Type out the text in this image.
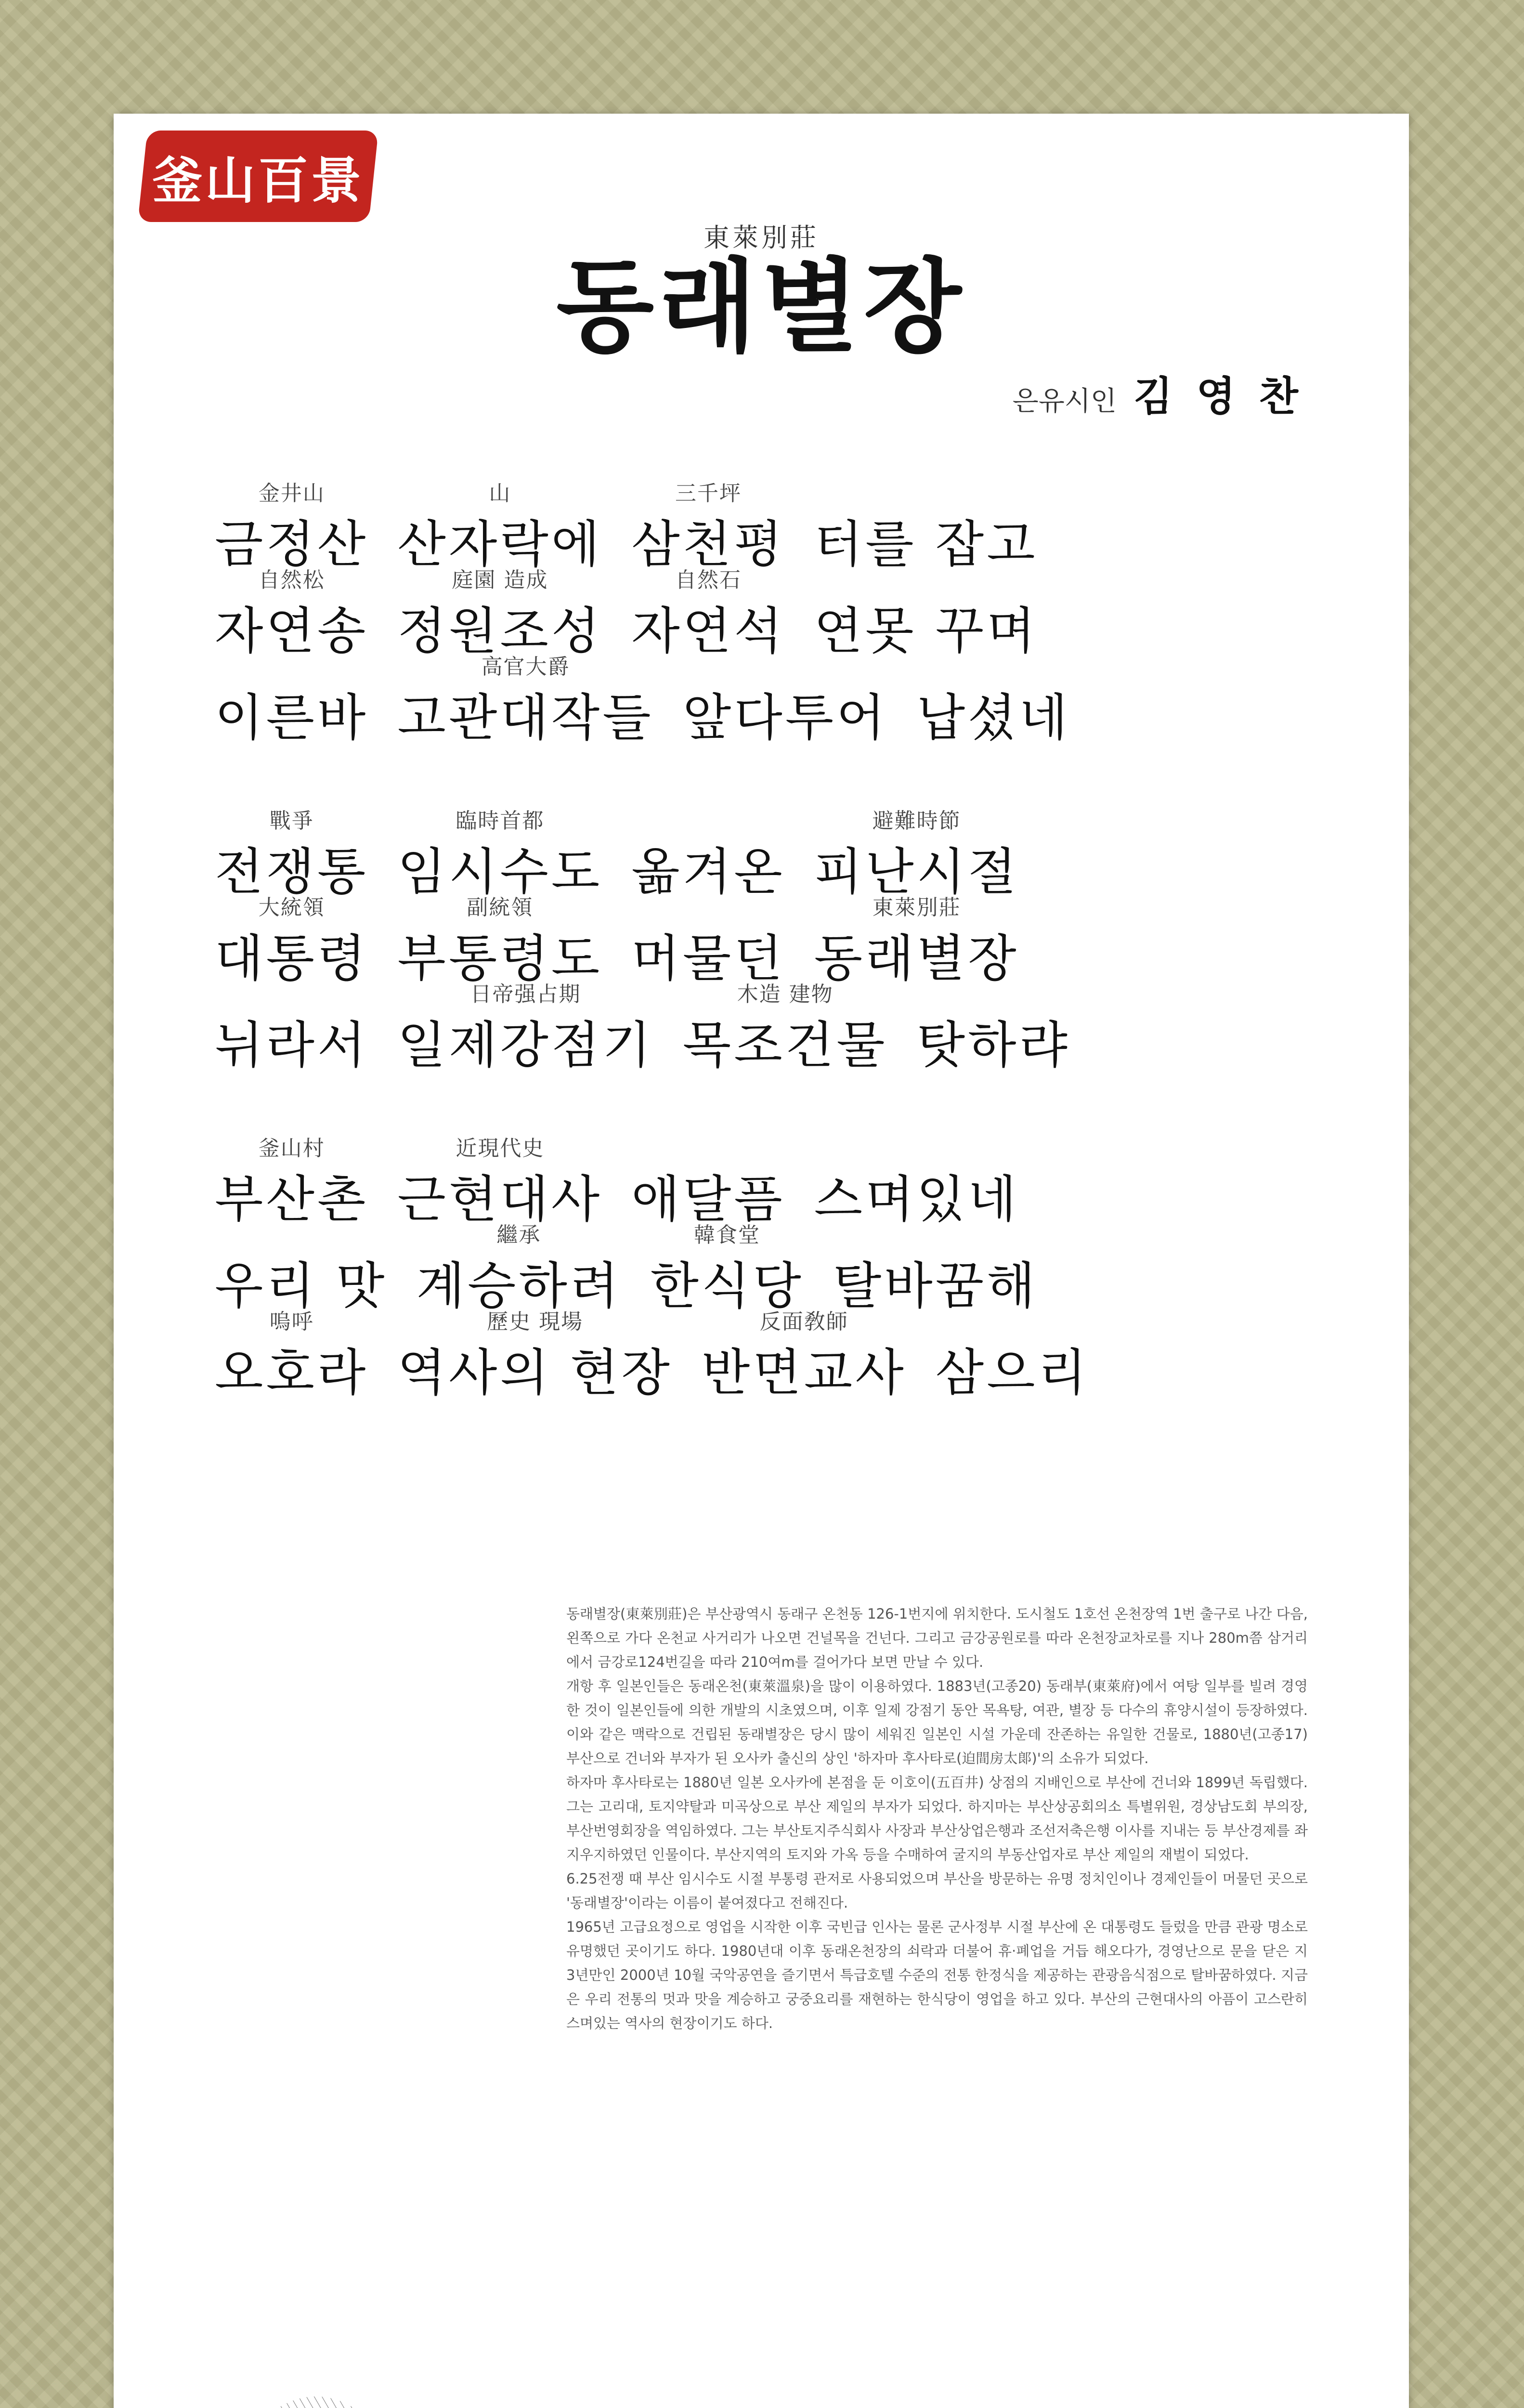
釜山百景
東萊別莊
동래별장
은유시인 김 영 찬
金井山
금정산
山
산자락에
三千坪
삼천평 터를 잡고
自然松
자연송
庭園 造成
정원조성
自然石
자연석 연못 꾸며
이른바
高官大爵
고관대작들 앞다투어 납셨네
戰爭
전쟁통
臨時首都
임시수도 옮겨온
避難時節
피난시절
大統領
대통령
副統領
부통령도 머물던
東萊別莊
동래별장
뉘라서
日帝强占期
일제강점기
木造 建物
목조건물 탓하랴
釜山村
부산촌
近現代史
근현대사 애달픔 스며있네
우리 맛
繼承
계승하려
韓食堂
한식당 탈바꿈해
嗚呼
오호라
歷史 現場
역사의 현장
反面敎師
반면교사 삼으리

동래별장(東萊別莊)은 부산광역시 동래구 온천동 126-1번지에 위치한다. 도시철도 1호선 온천장역 1번 출구로 나간 다음, 왼쪽으로 가다 온천교 사거리가 나오면 건널목을 건넌다. 그리고 금강공원로를 따라 온천장교차로를 지나 280m쯤 삼거리에서 금강로124번길을 따라 210여m를 걸어가다 보면 만날 수 있다.

개항 후 일본인들은 동래온천(東萊溫泉)을 많이 이용하였다. 1883년(고종20) 동래부(東萊府)에서 여탕 일부를 빌려 경영한 것이 일본인들에 의한 개발의 시초였으며, 이후 일제 강점기 동안 목욕탕, 여관, 별장 등 다수의 휴양시설이 등장하였다. 이와 같은 맥락으로 건립된 동래별장은 당시 많이 세워진 일본인 시설 가운데 잔존하는 유일한 건물로, 1880년(고종17) 부산으로 건너와 부자가 된 오사카 출신의 상인 '하자마 후사타로(迫間房太郞)'의 소유가 되었다.

하자마 후사타로는 1880년 일본 오사카에 본점을 둔 이호이(五百井) 상점의 지배인으로 부산에 건너와 1899년 독립했다. 그는 고리대, 토지약탈과 미곡상으로 부산 제일의 부자가 되었다. 하지마는 부산상공회의소 특별위원, 경상남도회 부의장, 부산번영회장을 역임하였다. 그는 부산토지주식회사 사장과 부산상업은행과 조선저축은행 이사를 지내는 등 부산경제를 좌지우지하였던 인물이다. 부산지역의 토지와 가옥 등을 수매하여 굴지의 부동산업자로 부산 제일의 재벌이 되었다.

6.25전쟁 때 부산 임시수도 시절 부통령 관저로 사용되었으며 부산을 방문하는 유명 정치인이나 경제인들이 머물던 곳으로 '동래별장'이라는 이름이 붙여졌다고 전해진다.

1965년 고급요정으로 영업을 시작한 이후 국빈급 인사는 물론 군사정부 시절 부산에 온 대통령도 들렀을 만큼 관광 명소로 유명했던 곳이기도 하다. 1980년대 이후 동래온천장의 쇠락과 더불어 휴·폐업을 거듭 해오다가, 경영난으로 문을 닫은 지 3년만인 2000년 10월 국악공연을 즐기면서 특급호텔 수준의 전통 한정식을 제공하는 관광음식점으로 탈바꿈하였다. 지금은 우리 전통의 멋과 맛을 계승하고 궁중요리를 재현하는 한식당이 영업을 하고 있다. 부산의 근현대사의 아픔이 고스란히 스며있는 역사의 현장이기도 하다.
